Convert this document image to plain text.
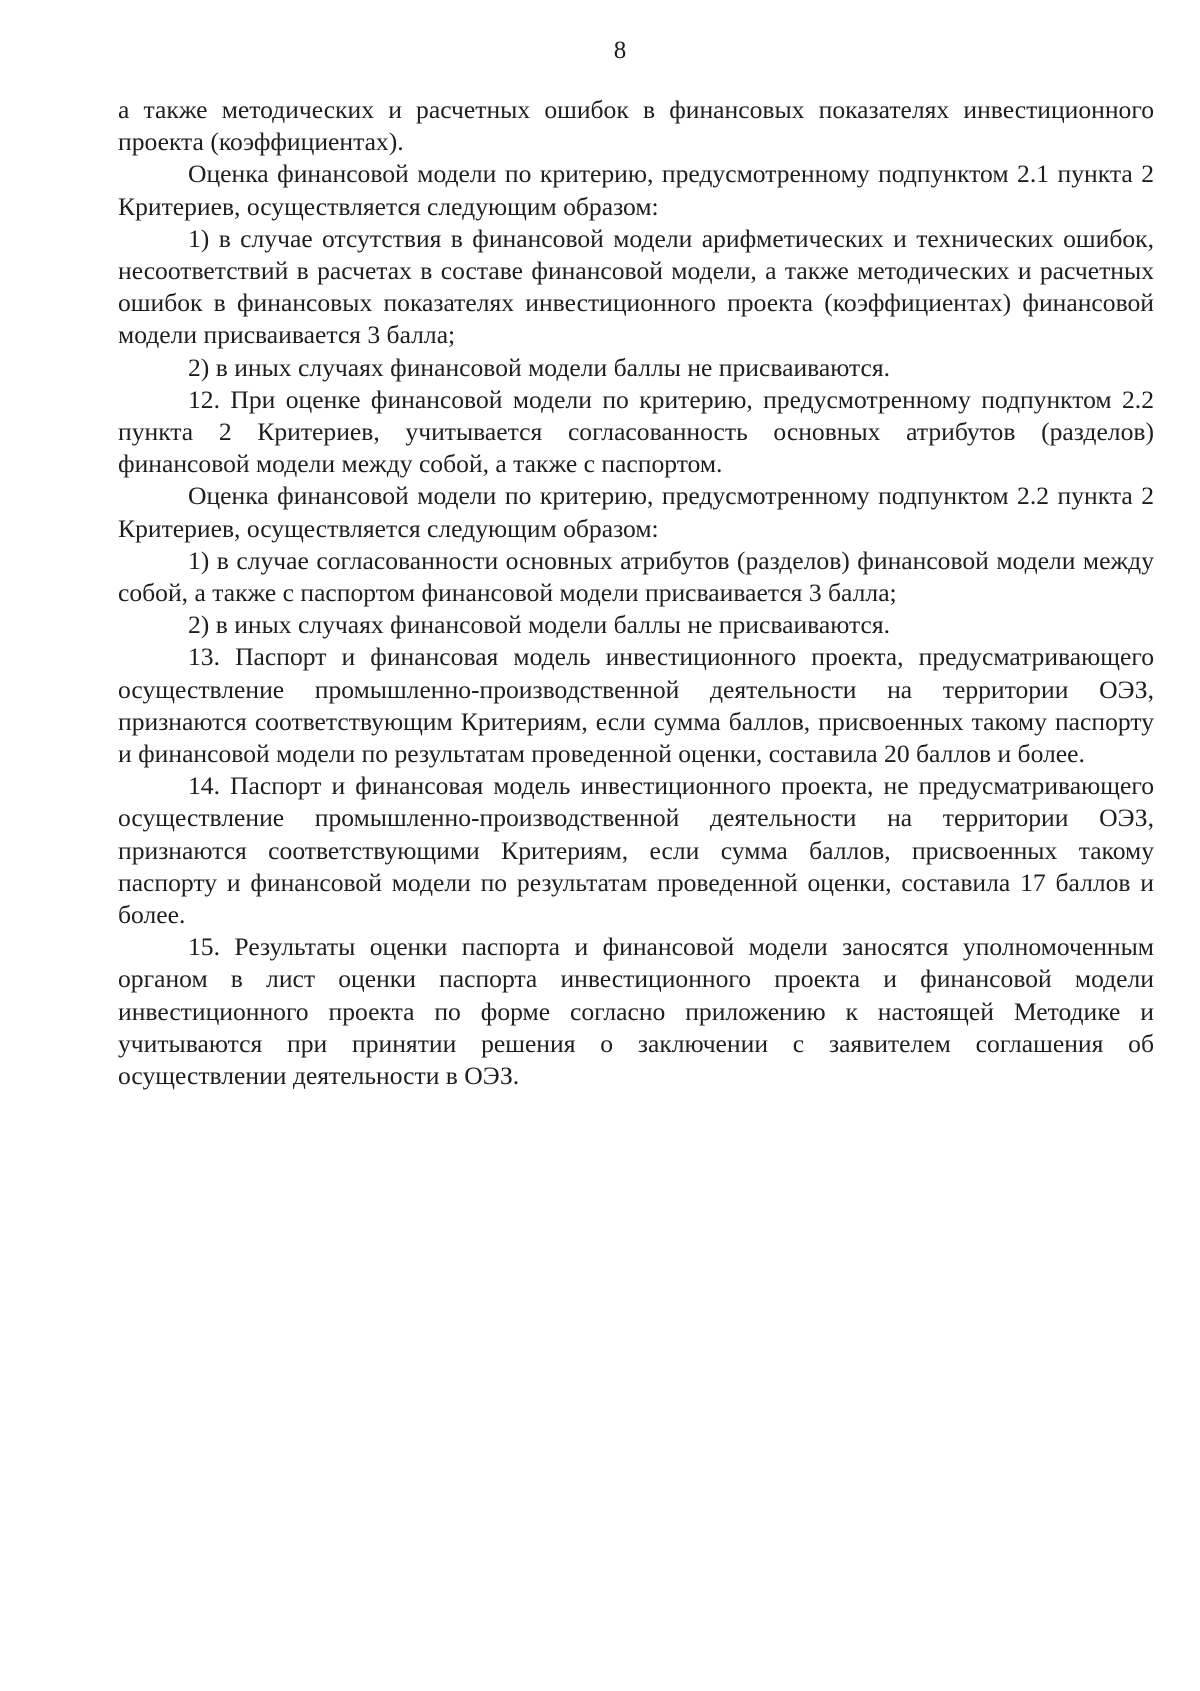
8

а также методических и расчетных ошибок в финансовых показателях инвестиционного проекта (коэффициентах).

Оценка финансовой модели по критерию, предусмотренному подпунктом 2.1 пункта 2 Критериев, осуществляется следующим образом:

1) в случае отсутствия в финансовой модели арифметических и технических ошибок, несоответствий в расчетах в составе финансовой модели, а также методических и расчетных ошибок в финансовых показателях инвестиционного проекта (коэффициентах) финансовой модели присваивается 3 балла;

2) в иных случаях финансовой модели баллы не присваиваются.

12. При оценке финансовой модели по критерию, предусмотренному подпунктом 2.2 пункта 2 Критериев, учитывается согласованность основных атрибутов (разделов) финансовой модели между собой, а также с паспортом.

Оценка финансовой модели по критерию, предусмотренному подпунктом 2.2 пункта 2 Критериев, осуществляется следующим образом:

1) в случае согласованности основных атрибутов (разделов) финансовой модели между собой, а также с паспортом финансовой модели присваивается 3 балла;

2) в иных случаях финансовой модели баллы не присваиваются.

13. Паспорт и финансовая модель инвестиционного проекта, предусматривающего осуществление промышленно-производственной деятельности на территории ОЭЗ, признаются соответствующим Критериям, если сумма баллов, присвоенных такому паспорту и финансовой модели по результатам проведенной оценки, составила 20 баллов и более.

14. Паспорт и финансовая модель инвестиционного проекта, не предусматривающего осуществление промышленно-производственной деятельности на территории ОЭЗ, признаются соответствующими Критериям, если сумма баллов, присвоенных такому паспорту и финансовой модели по результатам проведенной оценки, составила 17 баллов и более.

15. Результаты оценки паспорта и финансовой модели заносятся уполномоченным органом в лист оценки паспорта инвестиционного проекта и финансовой модели инвестиционного проекта по форме согласно приложению к настоящей Методике и учитываются при принятии решения о заключении с заявителем соглашения об осуществлении деятельности в ОЭЗ.
